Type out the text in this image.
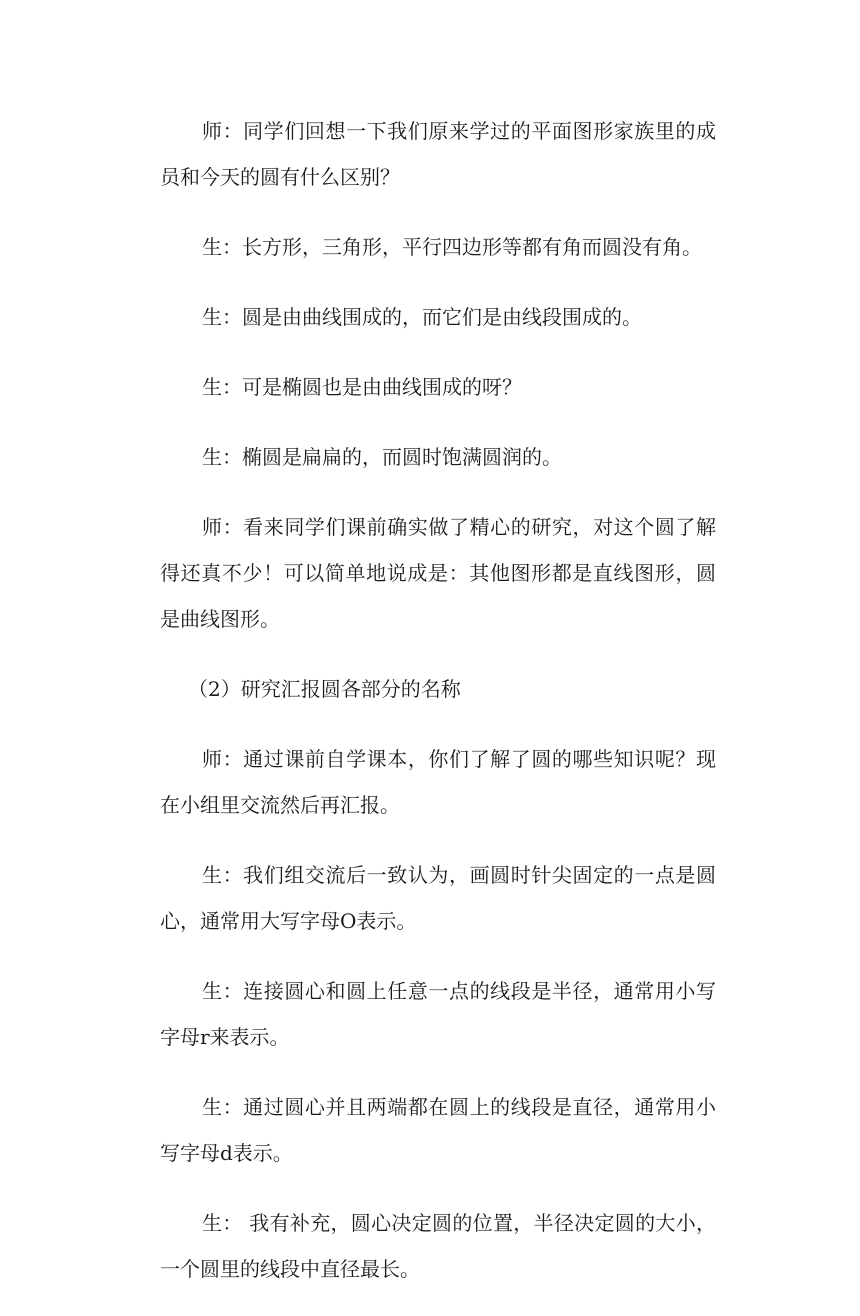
师：同学们回想一下我们原来学过的平面图形家族里的成员和今天的圆有什么区别？

生：长方形，三角形，平行四边形等都有角而圆没有角。

生：圆是由曲线围成的，而它们是由线段围成的。

生：可是椭圆也是由曲线围成的呀？

生：椭圆是扁扁的，而圆时饱满圆润的。

师：看来同学们课前确实做了精心的研究，对这个圆了解得还真不少！可以简单地说成是：其他图形都是直线图形，圆是曲线图形。

（2）研究汇报圆各部分的名称

师：通过课前自学课本，你们了解了圆的哪些知识呢？现在小组里交流然后再汇报。

生：我们组交流后一致认为，画圆时针尖固定的一点是圆心，通常用大写字母O表示。

生：连接圆心和圆上任意一点的线段是半径，通常用小写字母r来表示。

生：通过圆心并且两端都在圆上的线段是直径，通常用小写字母d表示。

生： 我有补充，圆心决定圆的位置，半径决定圆的大小，一个圆里的线段中直径最长。
